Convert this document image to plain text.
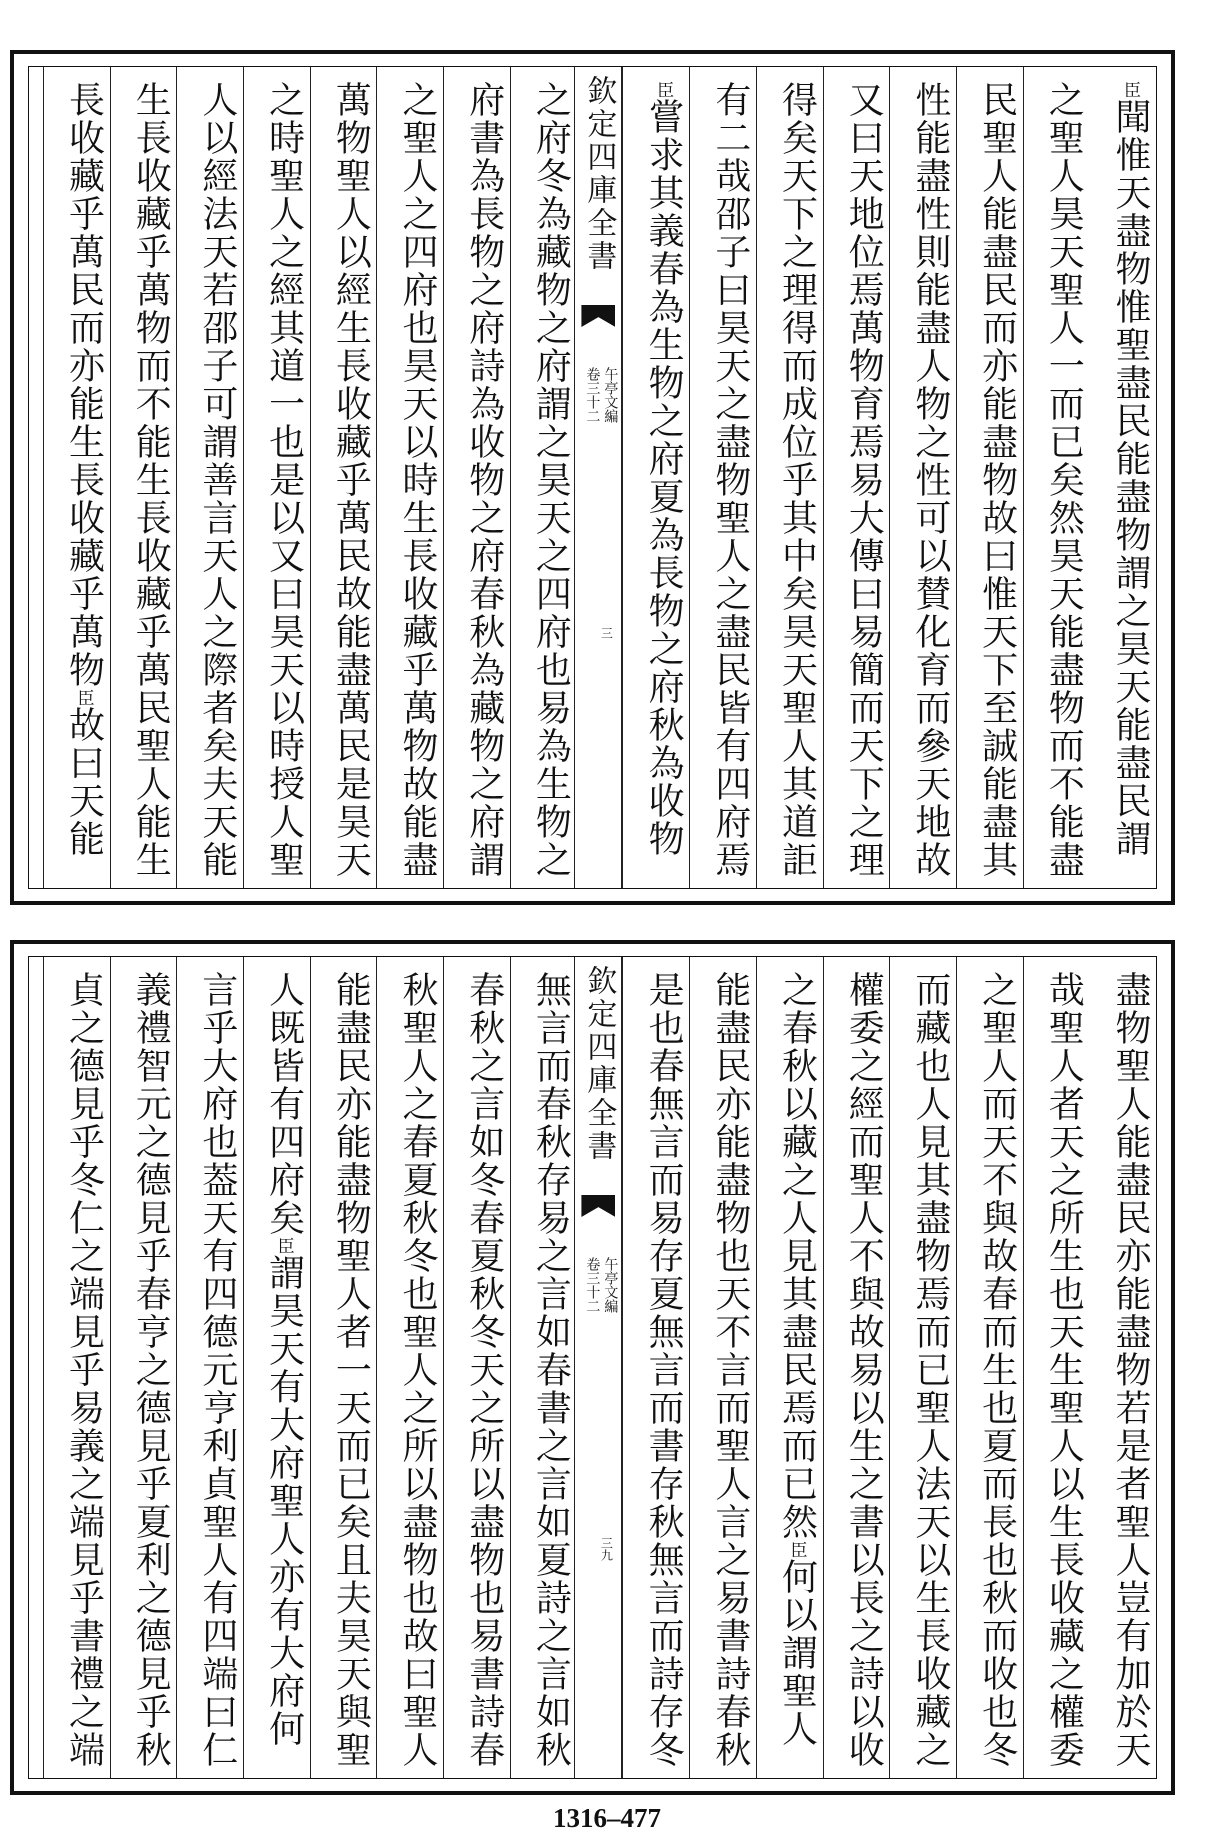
欽定四庫全書
午亭文編
卷三十二
三
臣聞惟天盡物惟聖盡民能盡物謂之昊天能盡民謂
之聖人昊天聖人一而已矣然昊天能盡物而不能盡
民聖人能盡民而亦能盡物故曰惟天下至誠能盡其
性能盡性則能盡人物之性可以賛化育而參天地故
又曰天地位焉萬物育焉易大傳曰易簡而天下之理
得矣天下之理得而成位乎其中矣昊天聖人其道詎
有二哉邵子曰昊天之盡物聖人之盡民皆有四府焉
臣嘗求其義春為生物之府夏為長物之府秋為收物
之府冬為藏物之府謂之昊天之四府也易為生物之
府書為長物之府詩為收物之府春秋為藏物之府謂
之聖人之四府也昊天以時生長收藏乎萬物故能盡
萬物聖人以經生長收藏乎萬民故能盡萬民是昊天
之時聖人之經其道一也是以又曰昊天以時授人聖
人以經法天若邵子可謂善言天人之際者矣夫天能
生長收藏乎萬物而不能生長收藏乎萬民聖人能生
長收藏乎萬民而亦能生長收藏乎萬物臣故曰天能
欽定四庫全書
午亭文編
卷三十二
三九	盡物聖人能盡民亦能盡物若是者聖人豈有加於天
哉聖人者天之所生也天生聖人以生長收藏之權委
之聖人而天不與故春而生也夏而長也秋而收也冬
而藏也人見其盡物焉而已聖人法天以生長收藏之
權委之經而聖人不與故易以生之書以長之詩以收
之春秋以藏之人見其盡民焉而已然臣何以謂聖人
能盡民亦能盡物也天不言而聖人言之易書詩春秋
是也春無言而易存夏無言而書存秋無言而詩存冬
無言而春秋存易之言如春書之言如夏詩之言如秋
春秋之言如冬春夏秋冬天之所以盡物也易書詩春
秋聖人之春夏秋冬也聖人之所以盡物也故曰聖人
能盡民亦能盡物聖人者一天而已矣且夫昊天與聖
人既皆有四府矣臣謂昊天有大府聖人亦有大府何
言乎大府也葢天有四德元亨利貞聖人有四端曰仁
義禮智元之德見乎春亨之德見乎夏利之德見乎秋
貞之德見乎冬仁之端見乎易義之端見乎書禮之端
1316–477
